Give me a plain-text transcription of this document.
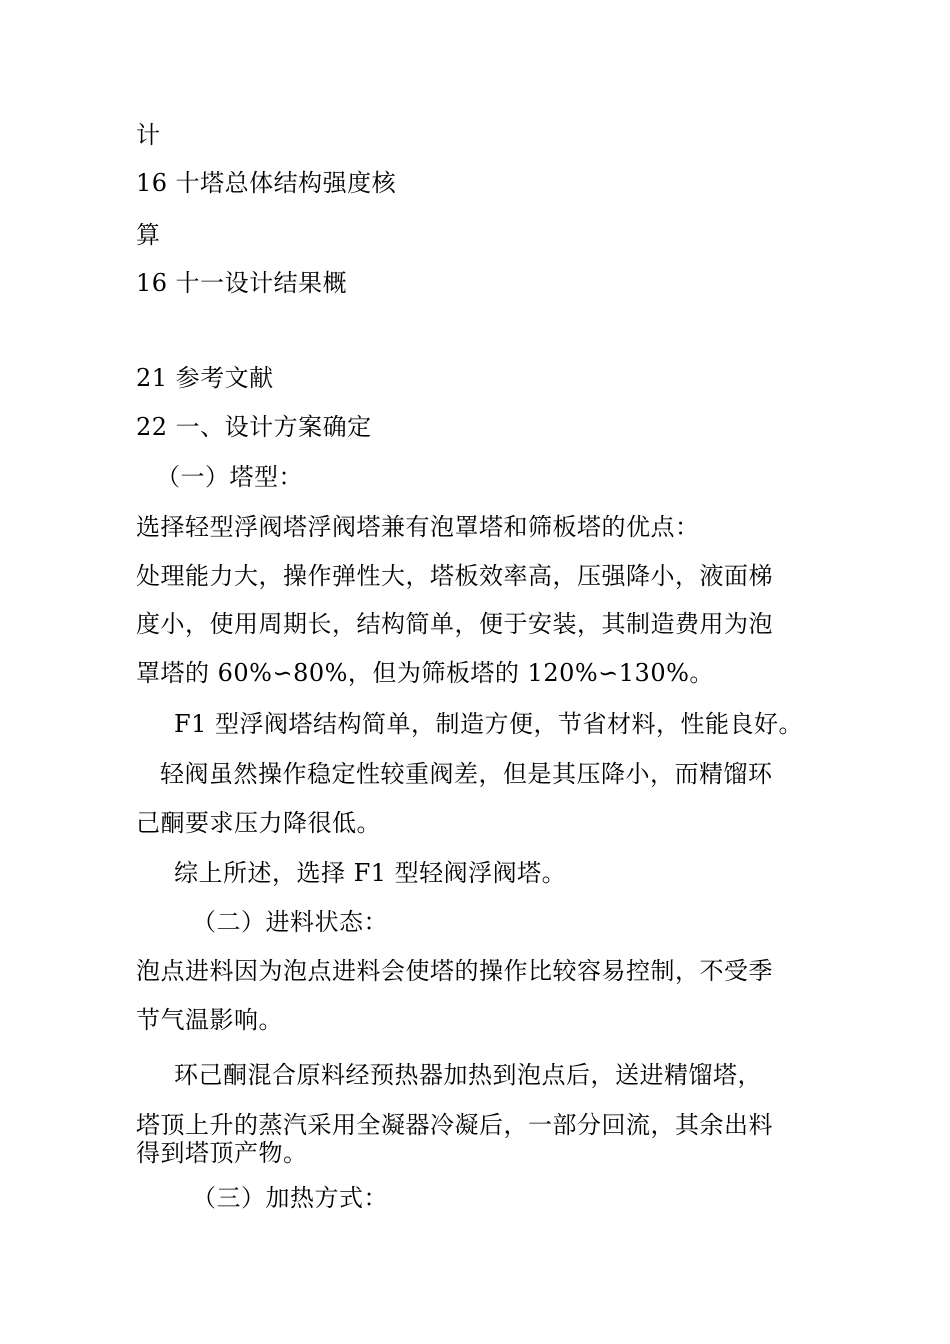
计
16 十塔总体结构强度核
算
16 十一设计结果概
21 参考文献
22 一、设计方案确定
（一）塔型：
选择轻型浮阀塔浮阀塔兼有泡罩塔和筛板塔的优点：
处理能力大，操作弹性大，塔板效率高，压强降小，液面梯
度小，使用周期长，结构简单，便于安装，其制造费用为泡
罩塔的 60%∽80%，但为筛板塔的 120%∽130%。
F1 型浮阀塔结构简单，制造方便，节省材料，性能良好。
轻阀虽然操作稳定性较重阀差，但是其压降小，而精馏环
己酮要求压力降很低。
综上所述，选择 F1 型轻阀浮阀塔。
（二）进料状态：
泡点进料因为泡点进料会使塔的操作比较容易控制，不受季
节气温影响。
环己酮混合原料经预热器加热到泡点后，送进精馏塔，
塔顶上升的蒸汽采用全凝器冷凝后，一部分回流，其余出料
得到塔顶产物。
（三）加热方式：
